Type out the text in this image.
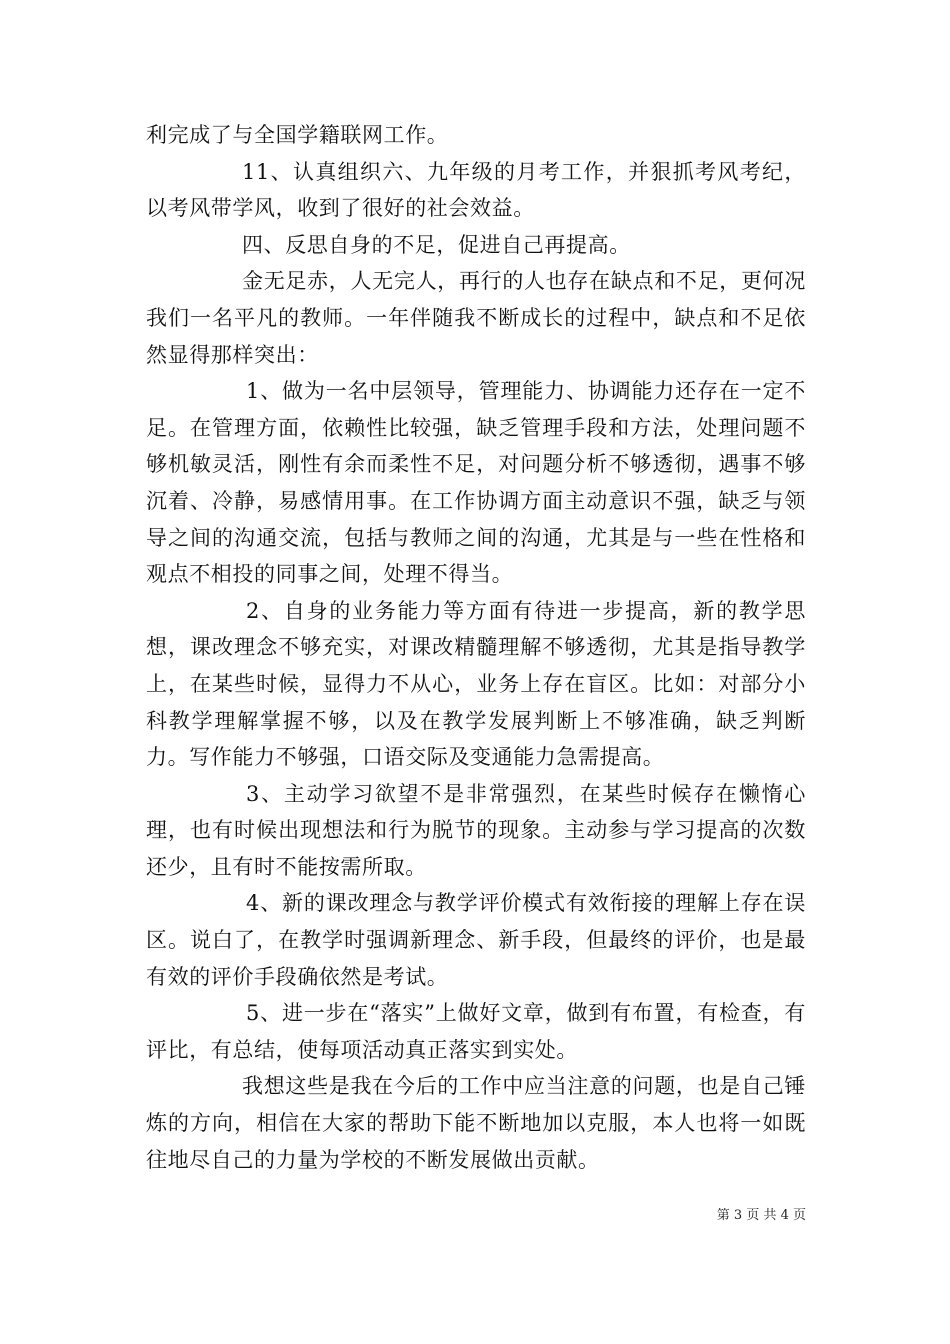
利完成了与全国学籍联网工作。

11、认真组织六、九年级的月考工作，并狠抓考风考纪，以考风带学风，收到了很好的社会效益。

四、反思自身的不足，促进自己再提高。

金无足赤，人无完人，再行的人也存在缺点和不足，更何况我们一名平凡的教师。一年伴随我不断成长的过程中，缺点和不足依然显得那样突出：

1、做为一名中层领导，管理能力、协调能力还存在一定不足。在管理方面，依赖性比较强，缺乏管理手段和方法，处理问题不够机敏灵活，刚性有余而柔性不足，对问题分析不够透彻，遇事不够沉着、冷静，易感情用事。在工作协调方面主动意识不强，缺乏与领导之间的沟通交流，包括与教师之间的沟通，尤其是与一些在性格和观点不相投的同事之间，处理不得当。

2、自身的业务能力等方面有待进一步提高，新的教学思想，课改理念不够充实，对课改精髓理解不够透彻，尤其是指导教学上，在某些时候，显得力不从心，业务上存在盲区。比如：对部分小科教学理解掌握不够，以及在教学发展判断上不够准确，缺乏判断力。写作能力不够强，口语交际及变通能力急需提高。

3、主动学习欲望不是非常强烈，在某些时候存在懒惰心理，也有时候出现想法和行为脱节的现象。主动参与学习提高的次数还少，且有时不能按需所取。

4、新的课改理念与教学评价模式有效衔接的理解上存在误区。说白了，在教学时强调新理念、新手段，但最终的评价，也是最有效的评价手段确依然是考试。

5、进一步在“落实”上做好文章，做到有布置，有检查，有评比，有总结，使每项活动真正落实到实处。

我想这些是我在今后的工作中应当注意的问题，也是自己锤炼的方向，相信在大家的帮助下能不断地加以克服，本人也将一如既往地尽自己的力量为学校的不断发展做出贡献。

第 3 页 共 4 页
